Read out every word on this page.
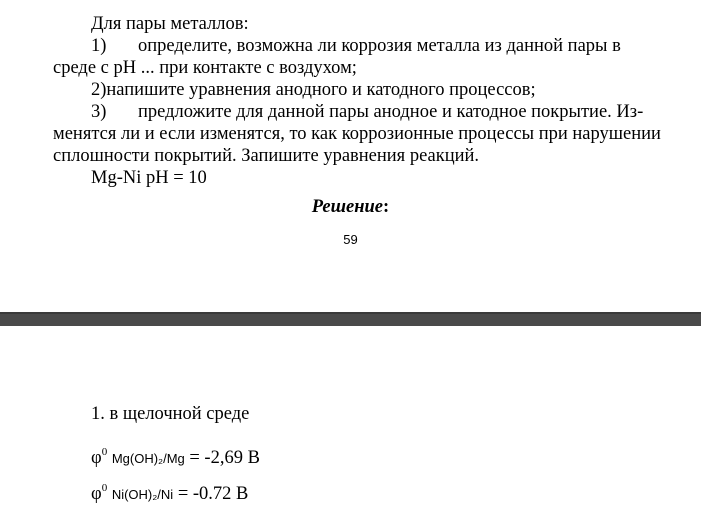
Для пары металлов:
1) определите, возможна ли коррозия металла из данной пары в
среде с pH ... при контакте с воздухом;
2)напишите уравнения анодного и катодного процессов;
3) предложите для данной пары анодное и катодное покрытие. Из-
менятся ли и если изменятся, то как коррозионные процессы при нарушении
сплошности покрытий. Запишите уравнения реакций.
Mg-Ni pH = 10
Решение:
59
1. в щелочной среде
$\varphi^0$ Mg(OH)₂/Mg = -2,69 В
$\varphi^0$ Ni(OH)₂/Ni = -0.72 В
